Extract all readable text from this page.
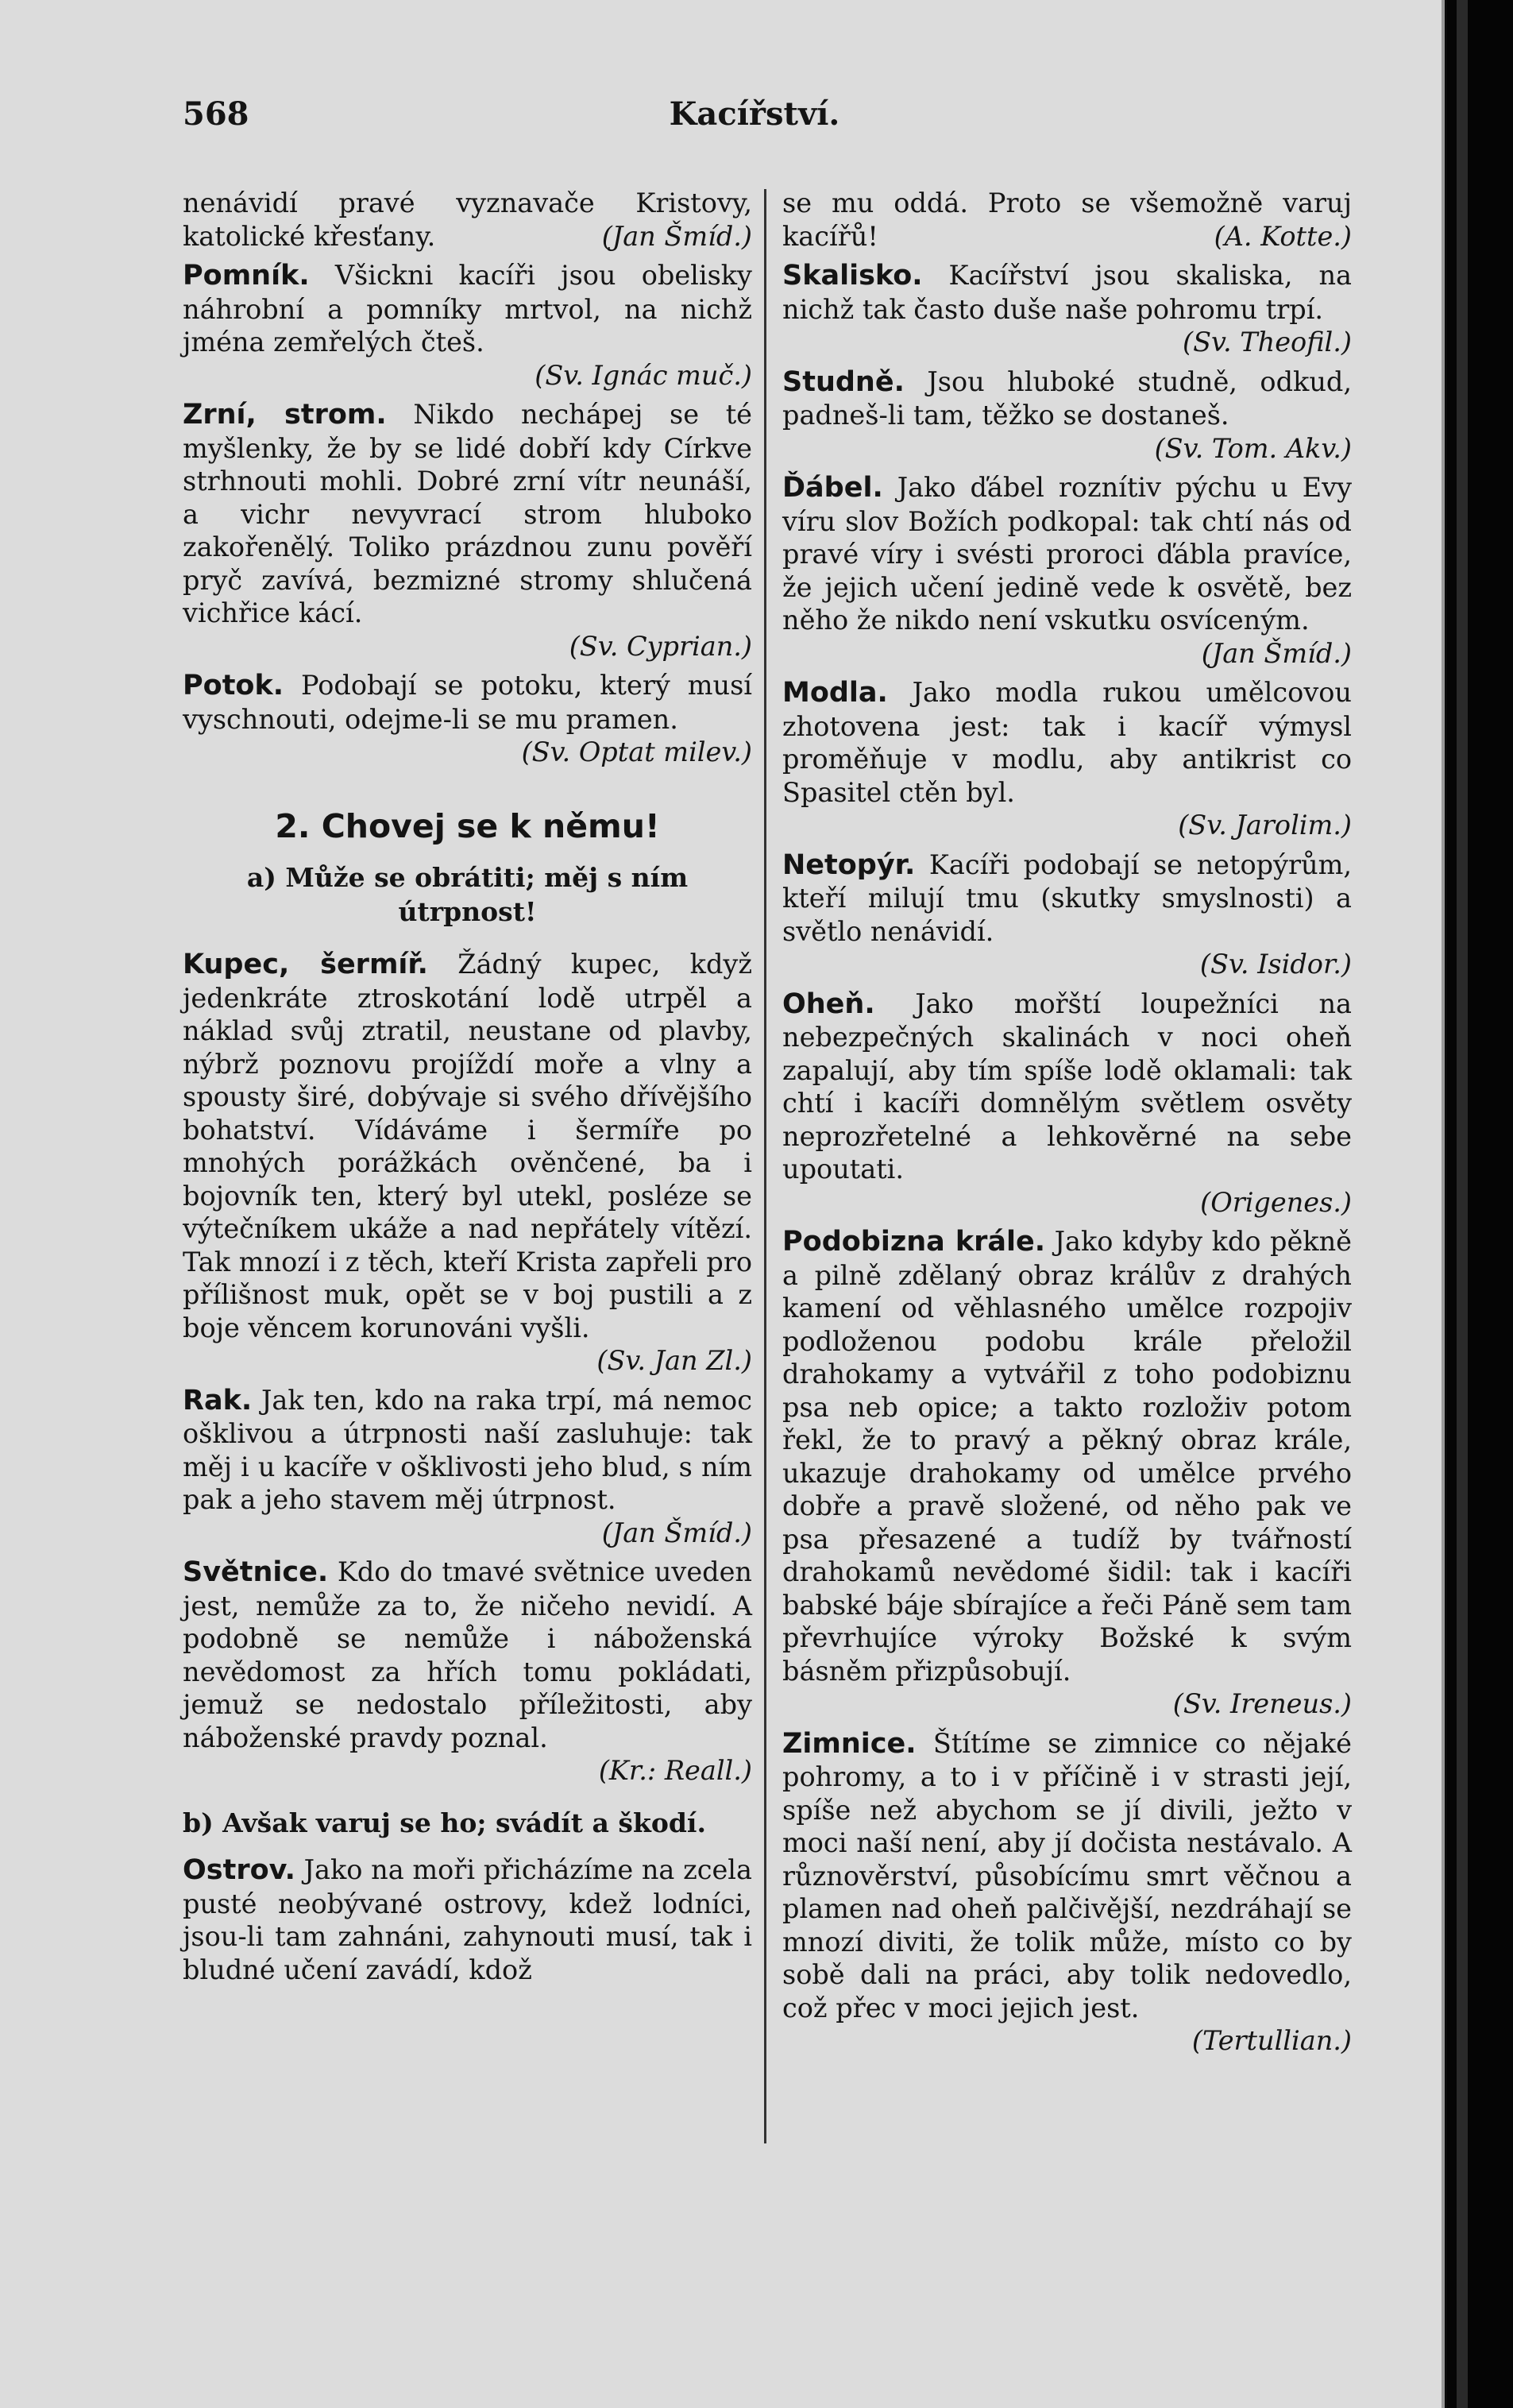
568	Kacířství.

nenávidí pravé vyznavače Kristovy, katolické křesťany.	(Jan Šmíd.)

Pomník. Všickni kacíři jsou obelisky náhrobní a pomníky mrtvol, na nichž jména zemřelých čteš.
(Sv. Ignác muč.)

Zrní, strom. Nikdo nechápej se té myšlenky, že by se lidé dobří kdy Církve strhnouti mohli. Dobré zrní vítr neunáší, a vichr nevyvrací strom hluboko zakořenělý. Toliko prázdnou zunu pověří pryč zavívá, bezmizné stromy shlučená vichřice kácí.
(Sv. Cyprian.)

Potok. Podobají se potoku, který musí vyschnouti, odejme-li se mu pramen.
(Sv. Optat milev.)

2. Chovej se k němu!
a) Může se obrátiti; měj s ním útrpnost!

Kupec, šermíř. Žádný kupec, když jedenkráte ztroskotání lodě utrpěl a náklad svůj ztratil, neustane od plavby, nýbrž poznovu projíždí moře a vlny a spousty širé, dobývaje si svého dřívějšího bohatství. Vídáváme i šermíře po mnohých porážkách ověnčené, ba i bojovník ten, který byl utekl, posléze se výtečníkem ukáže a nad nepřátely vítězí. Tak mnozí i z těch, kteří Krista zapřeli pro přílišnost muk, opět se v boj pustili a z boje věncem korunováni vyšli.
(Sv. Jan Zl.)

Rak. Jak ten, kdo na raka trpí, má nemoc ošklivou a útrpnosti naší zasluhuje: tak měj i u kacíře v ošklivosti jeho blud, s ním pak a jeho stavem měj útrpnost.
(Jan Šmíd.)

Světnice. Kdo do tmavé světnice uveden jest, nemůže za to, že ničeho nevidí. A podobně se nemůže i náboženská nevědomost za hřích tomu pokládati, jemuž se nedostalo příležitosti, aby náboženské pravdy poznal.
(Kr.: Reall.)

b) Avšak varuj se ho; svádít a škodí.

Ostrov. Jako na moři přicházíme na zcela pusté neobývané ostrovy, kdež lodníci, jsou-li tam zahnáni, zahynouti musí, tak i bludné učení zavádí, kdož

se mu oddá. Proto se všemožně varuj kacířů!	(A. Kotte.)

Skalisko. Kacířství jsou skaliska, na nichž tak často duše naše pohromu trpí.
(Sv. Theofil.)

Studně. Jsou hluboké studně, odkud, padneš-li tam, těžko se dostaneš.
(Sv. Tom. Akv.)

Ďábel. Jako ďábel roznítiv pýchu u Evy víru slov Božích podkopal: tak chtí nás od pravé víry i svésti proroci ďábla pravíce, že jejich učení jedině vede k osvětě, bez něho že nikdo není vskutku osvíceným.
(Jan Šmíd.)

Modla. Jako modla rukou umělcovou zhotovena jest: tak i kacíř výmysl proměňuje v modlu, aby antikrist co Spasitel ctěn byl.
(Sv. Jarolim.)

Netopýr. Kacíři podobají se netopýrům, kteří milují tmu (skutky smyslnosti) a světlo nenávidí.
(Sv. Isidor.)

Oheň. Jako mořští loupežníci na nebezpečných skalinách v noci oheň zapalují, aby tím spíše lodě oklamali: tak chtí i kacíři domnělým světlem osvěty neprozřetelné a lehkověrné na sebe upoutati.
(Origenes.)

Podobizna krále. Jako kdyby kdo pěkně a pilně zdělaný obraz králův z drahých kamení od věhlasného umělce rozpojiv podloženou podobu krále přeložil drahokamy a vytvářil z toho podobiznu psa neb opice; a takto rozloživ potom řekl, že to pravý a pěkný obraz krále, ukazuje drahokamy od umělce prvého dobře a pravě složené, od něho pak ve psa přesazené a tudíž by tvářností drahokamů nevědomé šidil: tak i kacíři babské báje sbírajíce a řeči Páně sem tam převrhujíce výroky Božské k svým básněm přizpůsobují.
(Sv. Ireneus.)

Zimnice. Štítíme se zimnice co nějaké pohromy, a to i v příčině i v strasti její, spíše než abychom se jí divili, ježto v moci naší není, aby jí dočista nestávalo. A různověrství, působícímu smrt věčnou a plamen nad oheň palčivější, nezdráhají se mnozí diviti, že tolik může, místo co by sobě dali na práci, aby tolik nedovedlo, což přec v moci jejich jest.
(Tertullian.)
